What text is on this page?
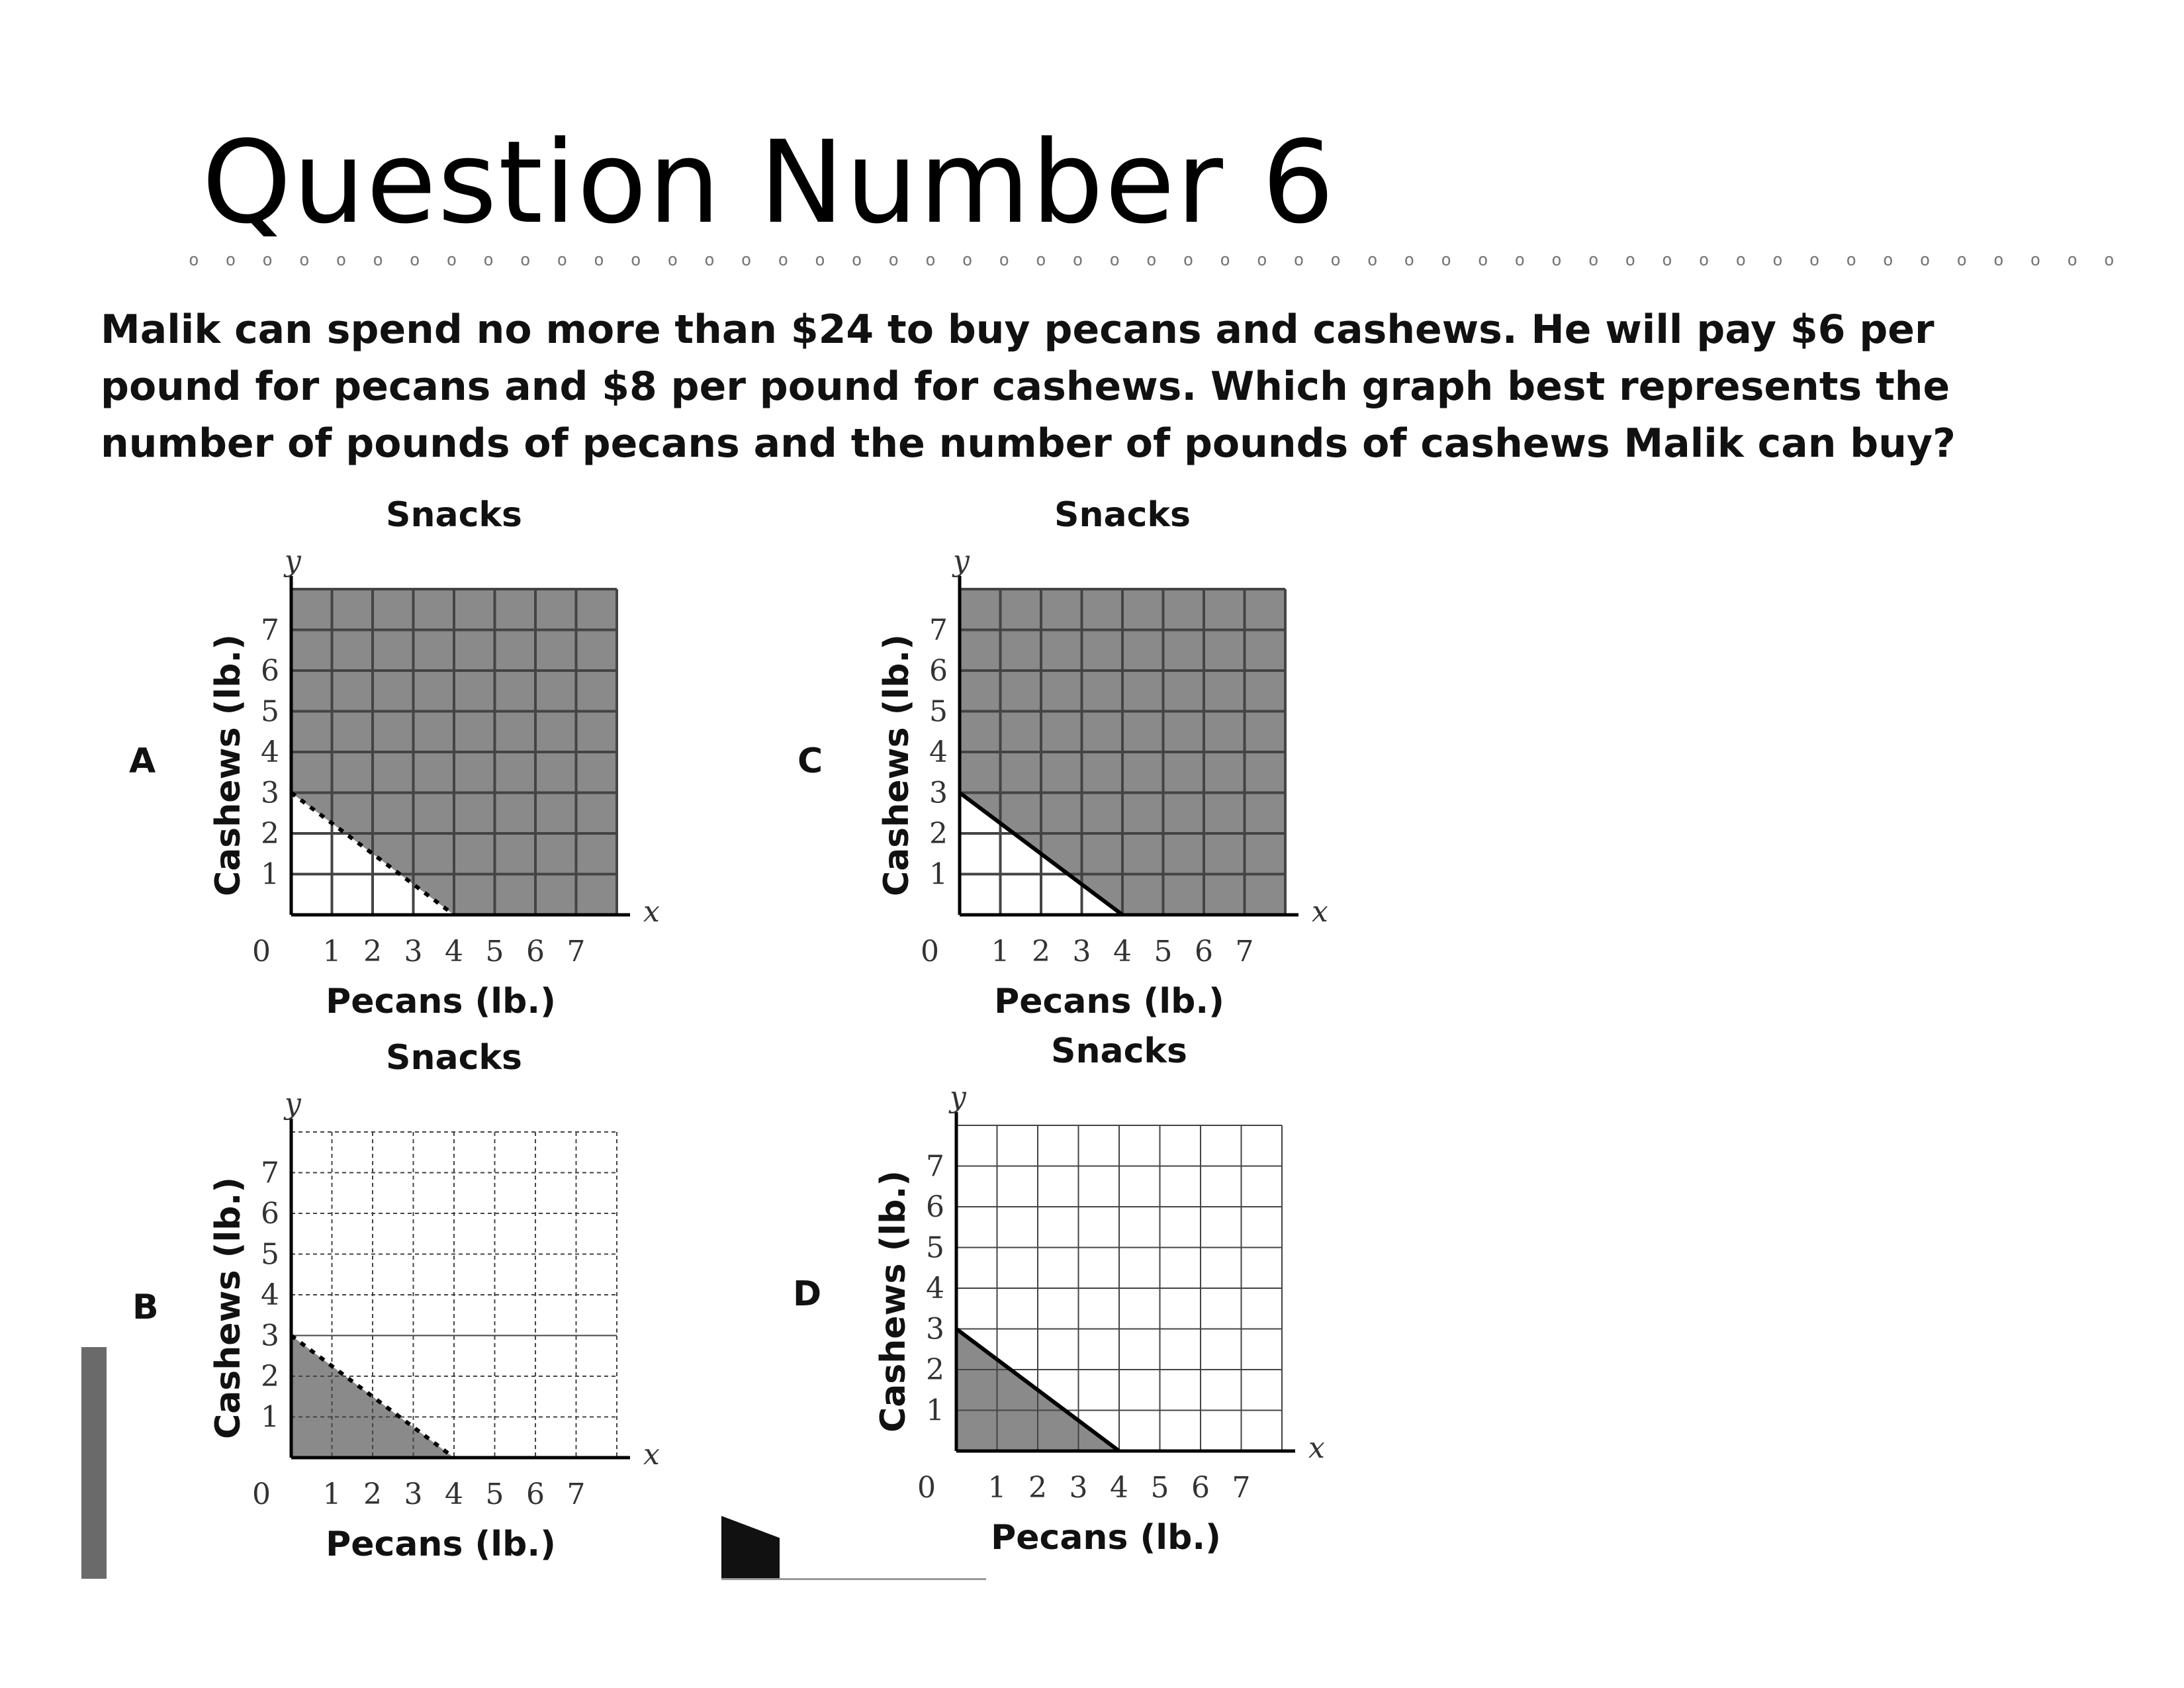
Question Number 6
ooooooooooooooooooooooooooooooooooooooooooooooooooooo
Malik can spend no more than $24 to buy pecans and cashews. He will pay $6 per pound for pecans and $8 per pound for cashews. Which graph best represents the number of pounds of pecans and the number of pounds of cashews Malik can buy?
A
B
C
D
Snacks
1 2 3 4 5 6 7
1
2
3
4
5
6
7
0
x
y
Pecans (lb.)
Cashews (lb.)
Snacks
1 2 3 4 5 6 7
1
2
3
4
5
6
7
0
x
y
Pecans (lb.)
Cashews (lb.)
Snacks
1 2 3 4 5 6 7
1
2
3
4
5
6
7
0
x
y
Pecans (lb.)
Cashews (lb.)
Snacks
1 2 3 4 5 6 7
1
2
3
4
5
6
7
0
x
y
Pecans (lb.)
Cashews (lb.)
